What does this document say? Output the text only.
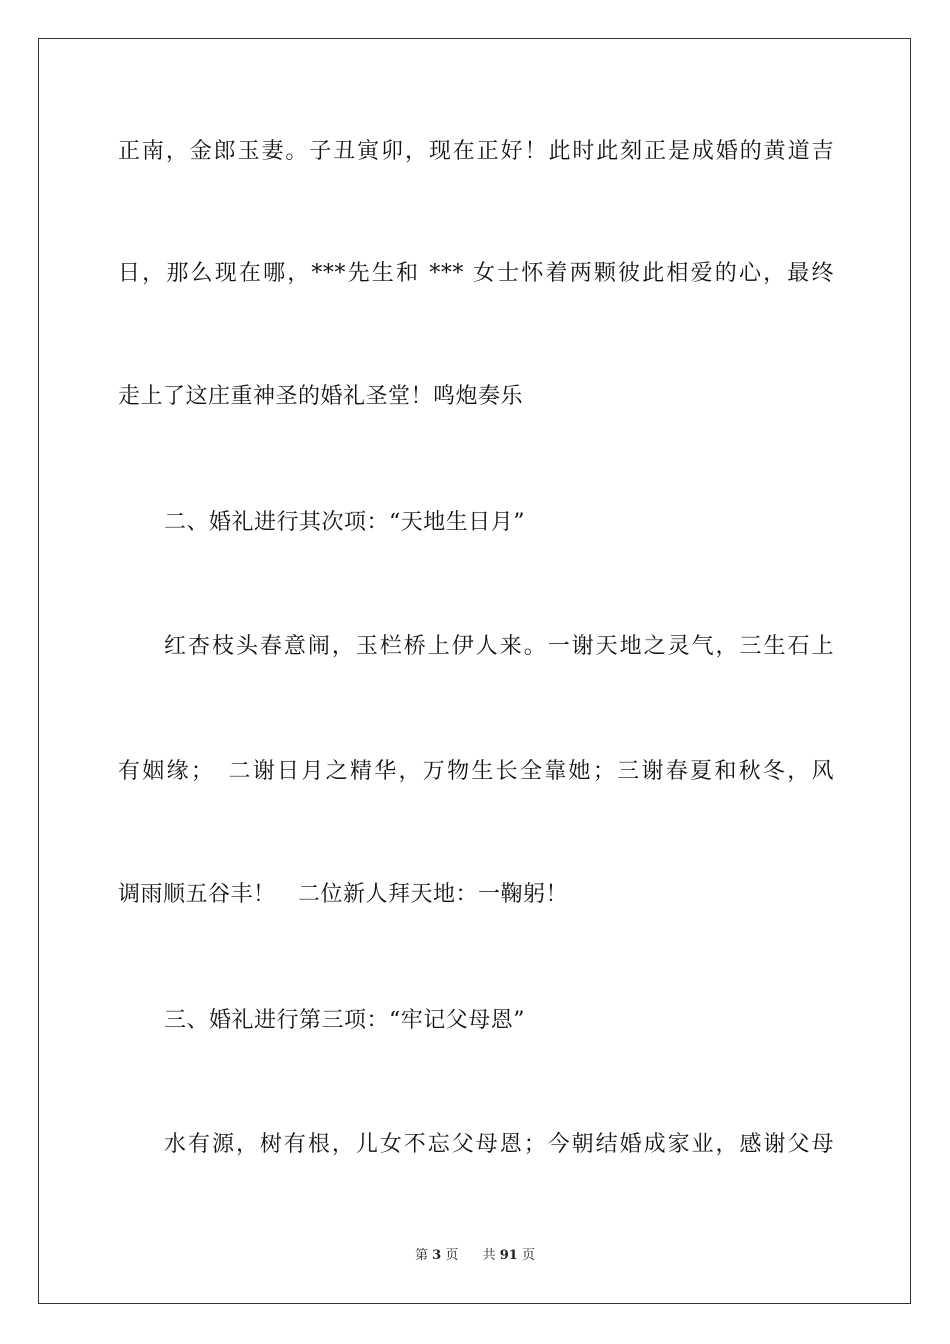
正南，金郎玉妻。子丑寅卯，现在正好！此时此刻正是成婚的黄道吉
日，那么现在哪，***先生和 *** 女士怀着两颗彼此相爱的心，最终
走上了这庄重神圣的婚礼圣堂！鸣炮奏乐
二、婚礼进行其次项：“天地生日月”
红杏枝头春意闹，玉栏桥上伊人来。一谢天地之灵气，三生石上
有姻缘；　二谢日月之精华，万物生长全靠她；三谢春夏和秋冬，风
调雨顺五谷丰！　二位新人拜天地：一鞠躬！
三、婚礼进行第三项：“牢记父母恩”
水有源，树有根，儿女不忘父母恩；今朝结婚成家业，感谢父母
第 3 页 共 91 页
